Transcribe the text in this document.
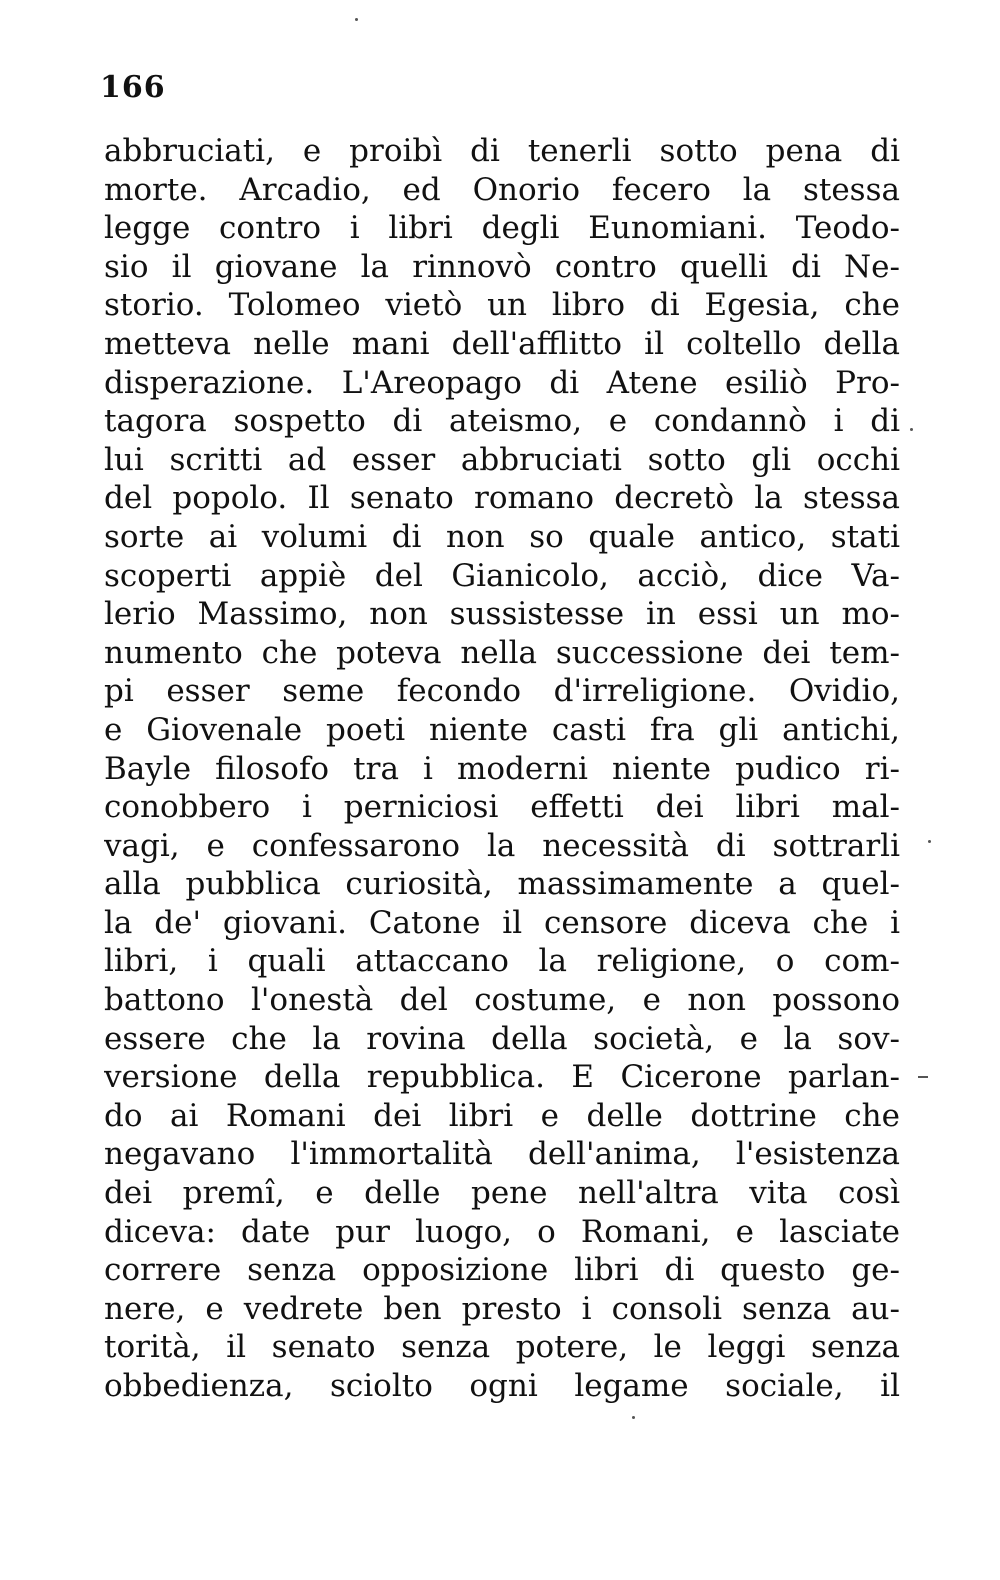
166
abbruciati, e proibì di tenerli sotto pena di
morte. Arcadio, ed Onorio fecero la stessa
legge contro i libri degli Eunomiani. Teodo-
sio il giovane la rinnovò contro quelli di Ne-
storio. Tolomeo vietò un libro di Egesia, che
metteva nelle mani dell'afflitto il coltello della
disperazione. L'Areopago di Atene esiliò Pro-
tagora sospetto di ateismo, e condannò i di
lui scritti ad esser abbruciati sotto gli occhi
del popolo. Il senato romano decretò la stessa
sorte ai volumi di non so quale antico, stati
scoperti appiè del Gianicolo, acciò, dice Va-
lerio Massimo, non sussistesse in essi un mo-
numento che poteva nella successione dei tem-
pi esser seme fecondo d'irreligione. Ovidio,
e Giovenale poeti niente casti fra gli antichi,
Bayle filosofo tra i moderni niente pudico ri-
conobbero i perniciosi effetti dei libri mal-
vagi, e confessarono la necessità di sottrarli
alla pubblica curiosità, massimamente a quel-
la de' giovani. Catone il censore diceva che i
libri, i quali attaccano la religione, o com-
battono l'onestà del costume, e non possono
essere che la rovina della società, e la sov-
versione della repubblica. E Cicerone parlan-
do ai Romani dei libri e delle dottrine che
negavano l'immortalità dell'anima, l'esistenza
dei premî, e delle pene nell'altra vita così
diceva: date pur luogo, o Romani, e lasciate
correre senza opposizione libri di questo ge-
nere, e vedrete ben presto i consoli senza au-
torità, il senato senza potere, le leggi senza
obbedienza, sciolto ogni legame sociale, il
